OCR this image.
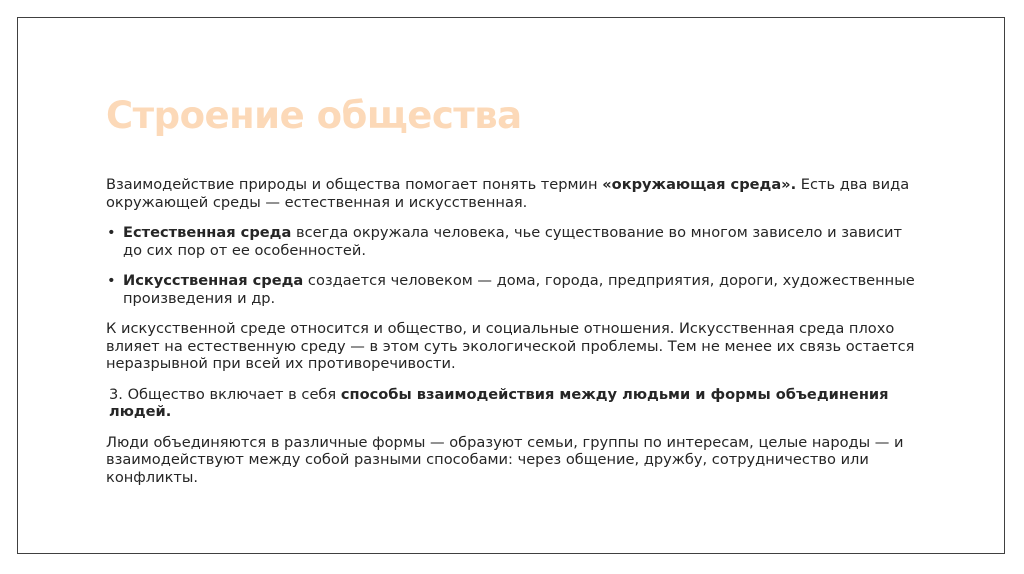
Строение общества

Взаимодействие природы и общества помогает понять термин «окружающая среда». Есть два вида окружающей среды — естественная и искусственная.

• Естественная среда всегда окружала человека, чье существование во многом зависело и зависит до сих пор от ее особенностей.
• Искусственная среда создается человеком — дома, города, предприятия, дороги, художественные произведения и др.

К искусственной среде относится и общество, и социальные отношения. Искусственная среда плохо влияет на естественную среду — в этом суть экологической проблемы. Тем не менее их связь остается неразрывной при всей их противоречивости.

3. Общество включает в себя способы взаимодействия между людьми и формы объединения людей.

Люди объединяются в различные формы — образуют семьи, группы по интересам, целые народы — и взаимодействуют между собой разными способами: через общение, дружбу, сотрудничество или конфликты.
